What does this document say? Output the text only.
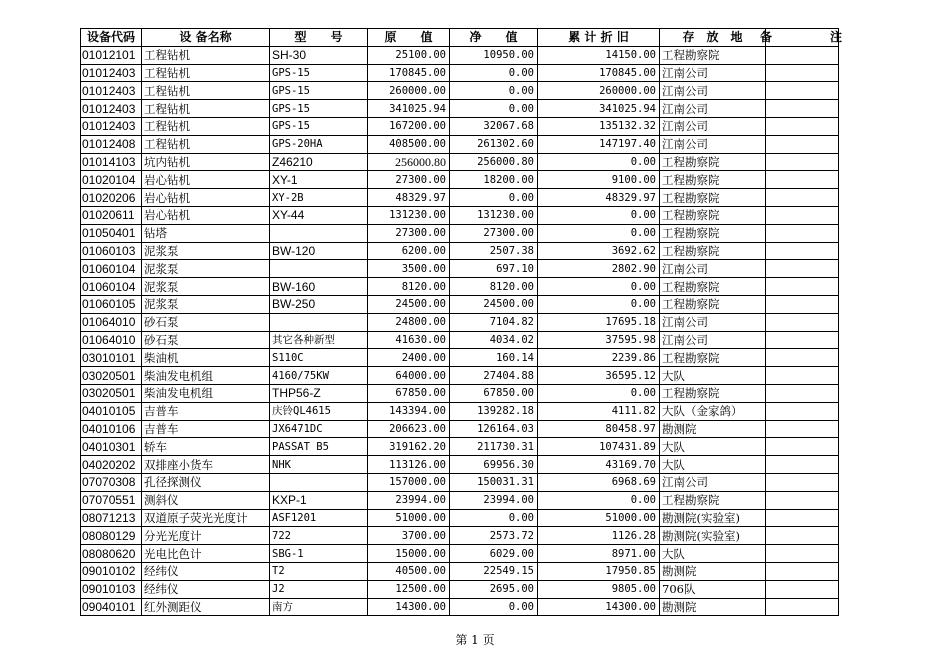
设备代码	设 备名称	型　　号	原　　值	净　　值	累 计 折 旧	存　放　地	备 注

01012101	工程钻机	SH-30	25100.00	10950.00	14150.00	工程勘察院	
01012403	工程钻机	GPS-15	170845.00	0.00	170845.00	江南公司	
01012403	工程钻机	GPS-15	260000.00	0.00	260000.00	江南公司	
01012403	工程钻机	GPS-15	341025.94	0.00	341025.94	江南公司	
01012403	工程钻机	GPS-15	167200.00	32067.68	135132.32	江南公司	
01012408	工程钻机	GPS-20HA	408500.00	261302.60	147197.40	江南公司	
01014103	坑内钻机	Z46210	256000.80	256000.80	0.00	工程勘察院	
01020104	岩心钻机	XY-1	27300.00	18200.00	9100.00	工程勘察院	
01020206	岩心钻机	XY-2B	48329.97	0.00	48329.97	工程勘察院	
01020611	岩心钻机	XY-44	131230.00	131230.00	0.00	工程勘察院	
01050401	钻塔		27300.00	27300.00	0.00	工程勘察院	
01060103	泥浆泵	BW-120	6200.00	2507.38	3692.62	工程勘察院	
01060104	泥浆泵		3500.00	697.10	2802.90	江南公司	
01060104	泥浆泵	BW-160	8120.00	8120.00	0.00	工程勘察院	
01060105	泥浆泵	BW-250	24500.00	24500.00	0.00	工程勘察院	
01064010	砂石泵		24800.00	7104.82	17695.18	江南公司	
01064010	砂石泵	其它各种新型	41630.00	4034.02	37595.98	江南公司	
03010101	柴油机	S110C	2400.00	160.14	2239.86	工程勘察院	
03020501	柴油发电机组	4160/75KW	64000.00	27404.88	36595.12	大队	
03020501	柴油发电机组	THP56-Z	67850.00	67850.00	0.00	工程勘察院	
04010105	吉普车	庆铃QL4615	143394.00	139282.18	4111.82	大队（金家鸽）	
04010106	吉普车	JX6471DC	206623.00	126164.03	80458.97	勘测院	
04010301	轿车	PASSAT B5	319162.20	211730.31	107431.89	大队	
04020202	双排座小货车	NHK	113126.00	69956.30	43169.70	大队	
07070308	孔径探测仪		157000.00	150031.31	6968.69	江南公司	
07070551	测斜仪	KXP-1	23994.00	23994.00	0.00	工程勘察院	
08071213	双道原子荧光光度计	ASF1201	51000.00	0.00	51000.00	勘测院(实验室)	
08080129	分光光度计	722	3700.00	2573.72	1126.28	勘测院(实验室)	
08080620	光电比色计	SBG-1	15000.00	6029.00	8971.00	大队	
09010102	经纬仪	T2	40500.00	22549.15	17950.85	勘测院	
09010103	经纬仪	J2	12500.00	2695.00	9805.00	706队	
09040101	红外测距仪	南方	14300.00	0.00	14300.00	勘测院	
第 1 页
